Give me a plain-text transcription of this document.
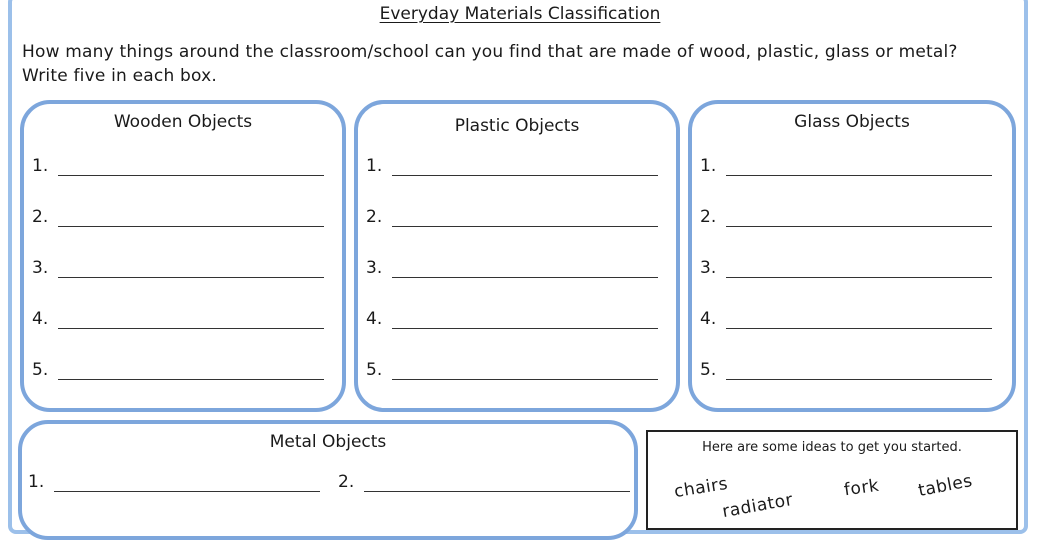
Everyday Materials Classification
How many things around the classroom/school can you find that are made of wood, plastic, glass or metal?
Write five in each box.
Wooden Objects
1.
2.
3.
4.
5.
Plastic Objects
1.
2.
3.
4.
5.
Glass Objects
1.
2.
3.
4.
5.
Metal Objects
1.	2.
Here are some ideas to get you started.
chairs
radiator
fork tables
